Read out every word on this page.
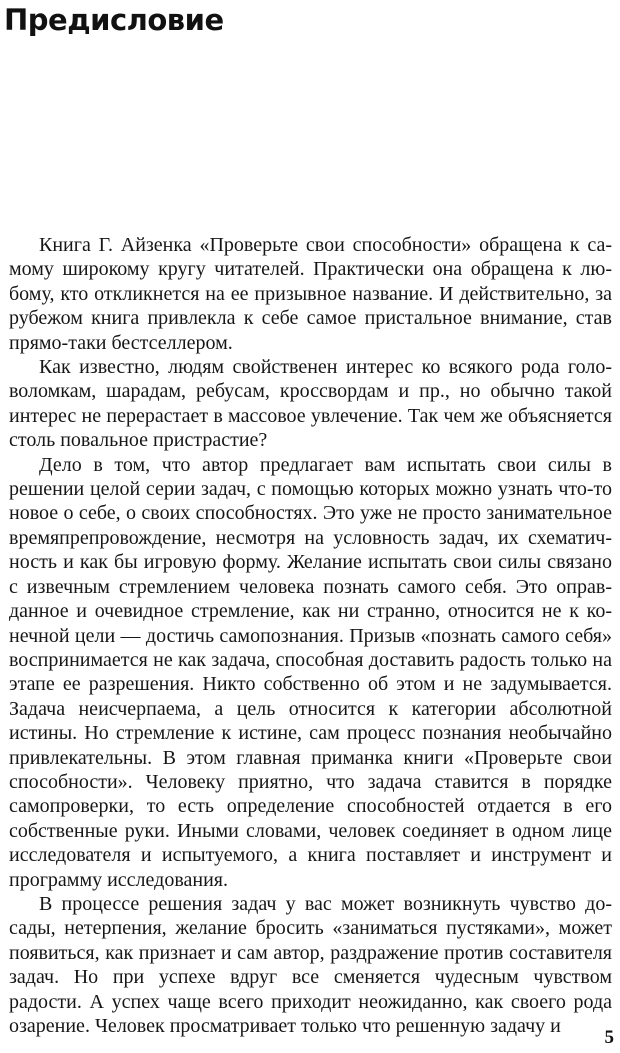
Предисловие

Книга Г. Айзенка «Проверьте свои способности» обращена к самому широкому кругу читателей. Практически она обращена к любому, кто откликнется на ее призывное название. И действительно, за рубежом книга привлекла к себе самое пристальное внимание, став прямо-таки бестселлером.

Как известно, людям свойственен интерес ко всякого рода головоломкам, шарадам, ребусам, кроссвордам и пр., но обычно такой интерес не перерастает в массовое увлечение. Так чем же объясняется столь повальное пристрастие?

Дело в том, что автор предлагает вам испытать свои силы в решении целой серии задач, с помощью которых можно узнать что-то новое о себе, о своих способностях. Это уже не просто занимательное времяпрепровождение, несмотря на условность задач, их схематичность и как бы игровую форму. Желание испытать свои силы связано с извечным стремлением человека познать самого себя. Это оправданное и очевидное стремление, как ни странно, относится не к конечной цели — достичь самопознания. Призыв «познать самого себя» воспринимается не как задача, способная доставить радость только на этапе ее разрешения. Никто собственно об этом и не задумывается. Задача неисчерпаема, а цель относится к категории абсолютной истины. Но стремление к истине, сам процесс познания необычайно привлекательны. В этом главная приманка книги «Проверьте свои способности». Человеку приятно, что задача ставится в порядке самопроверки, то есть определение способностей отдается в его собственные руки. Иными словами, человек соединяет в одном лице исследователя и испытуемого, а книга поставляет и инструмент и программу исследования.

В процессе решения задач у вас может возникнуть чувство досады, нетерпения, желание бросить «заниматься пустяками», может появиться, как признает и сам автор, раздражение против составителя задач. Но при успехе вдруг все сменяется чудесным чувством радости. А успех чаще всего приходит неожиданно, как своего рода озарение. Человек просматривает только что решенную задачу и

5
